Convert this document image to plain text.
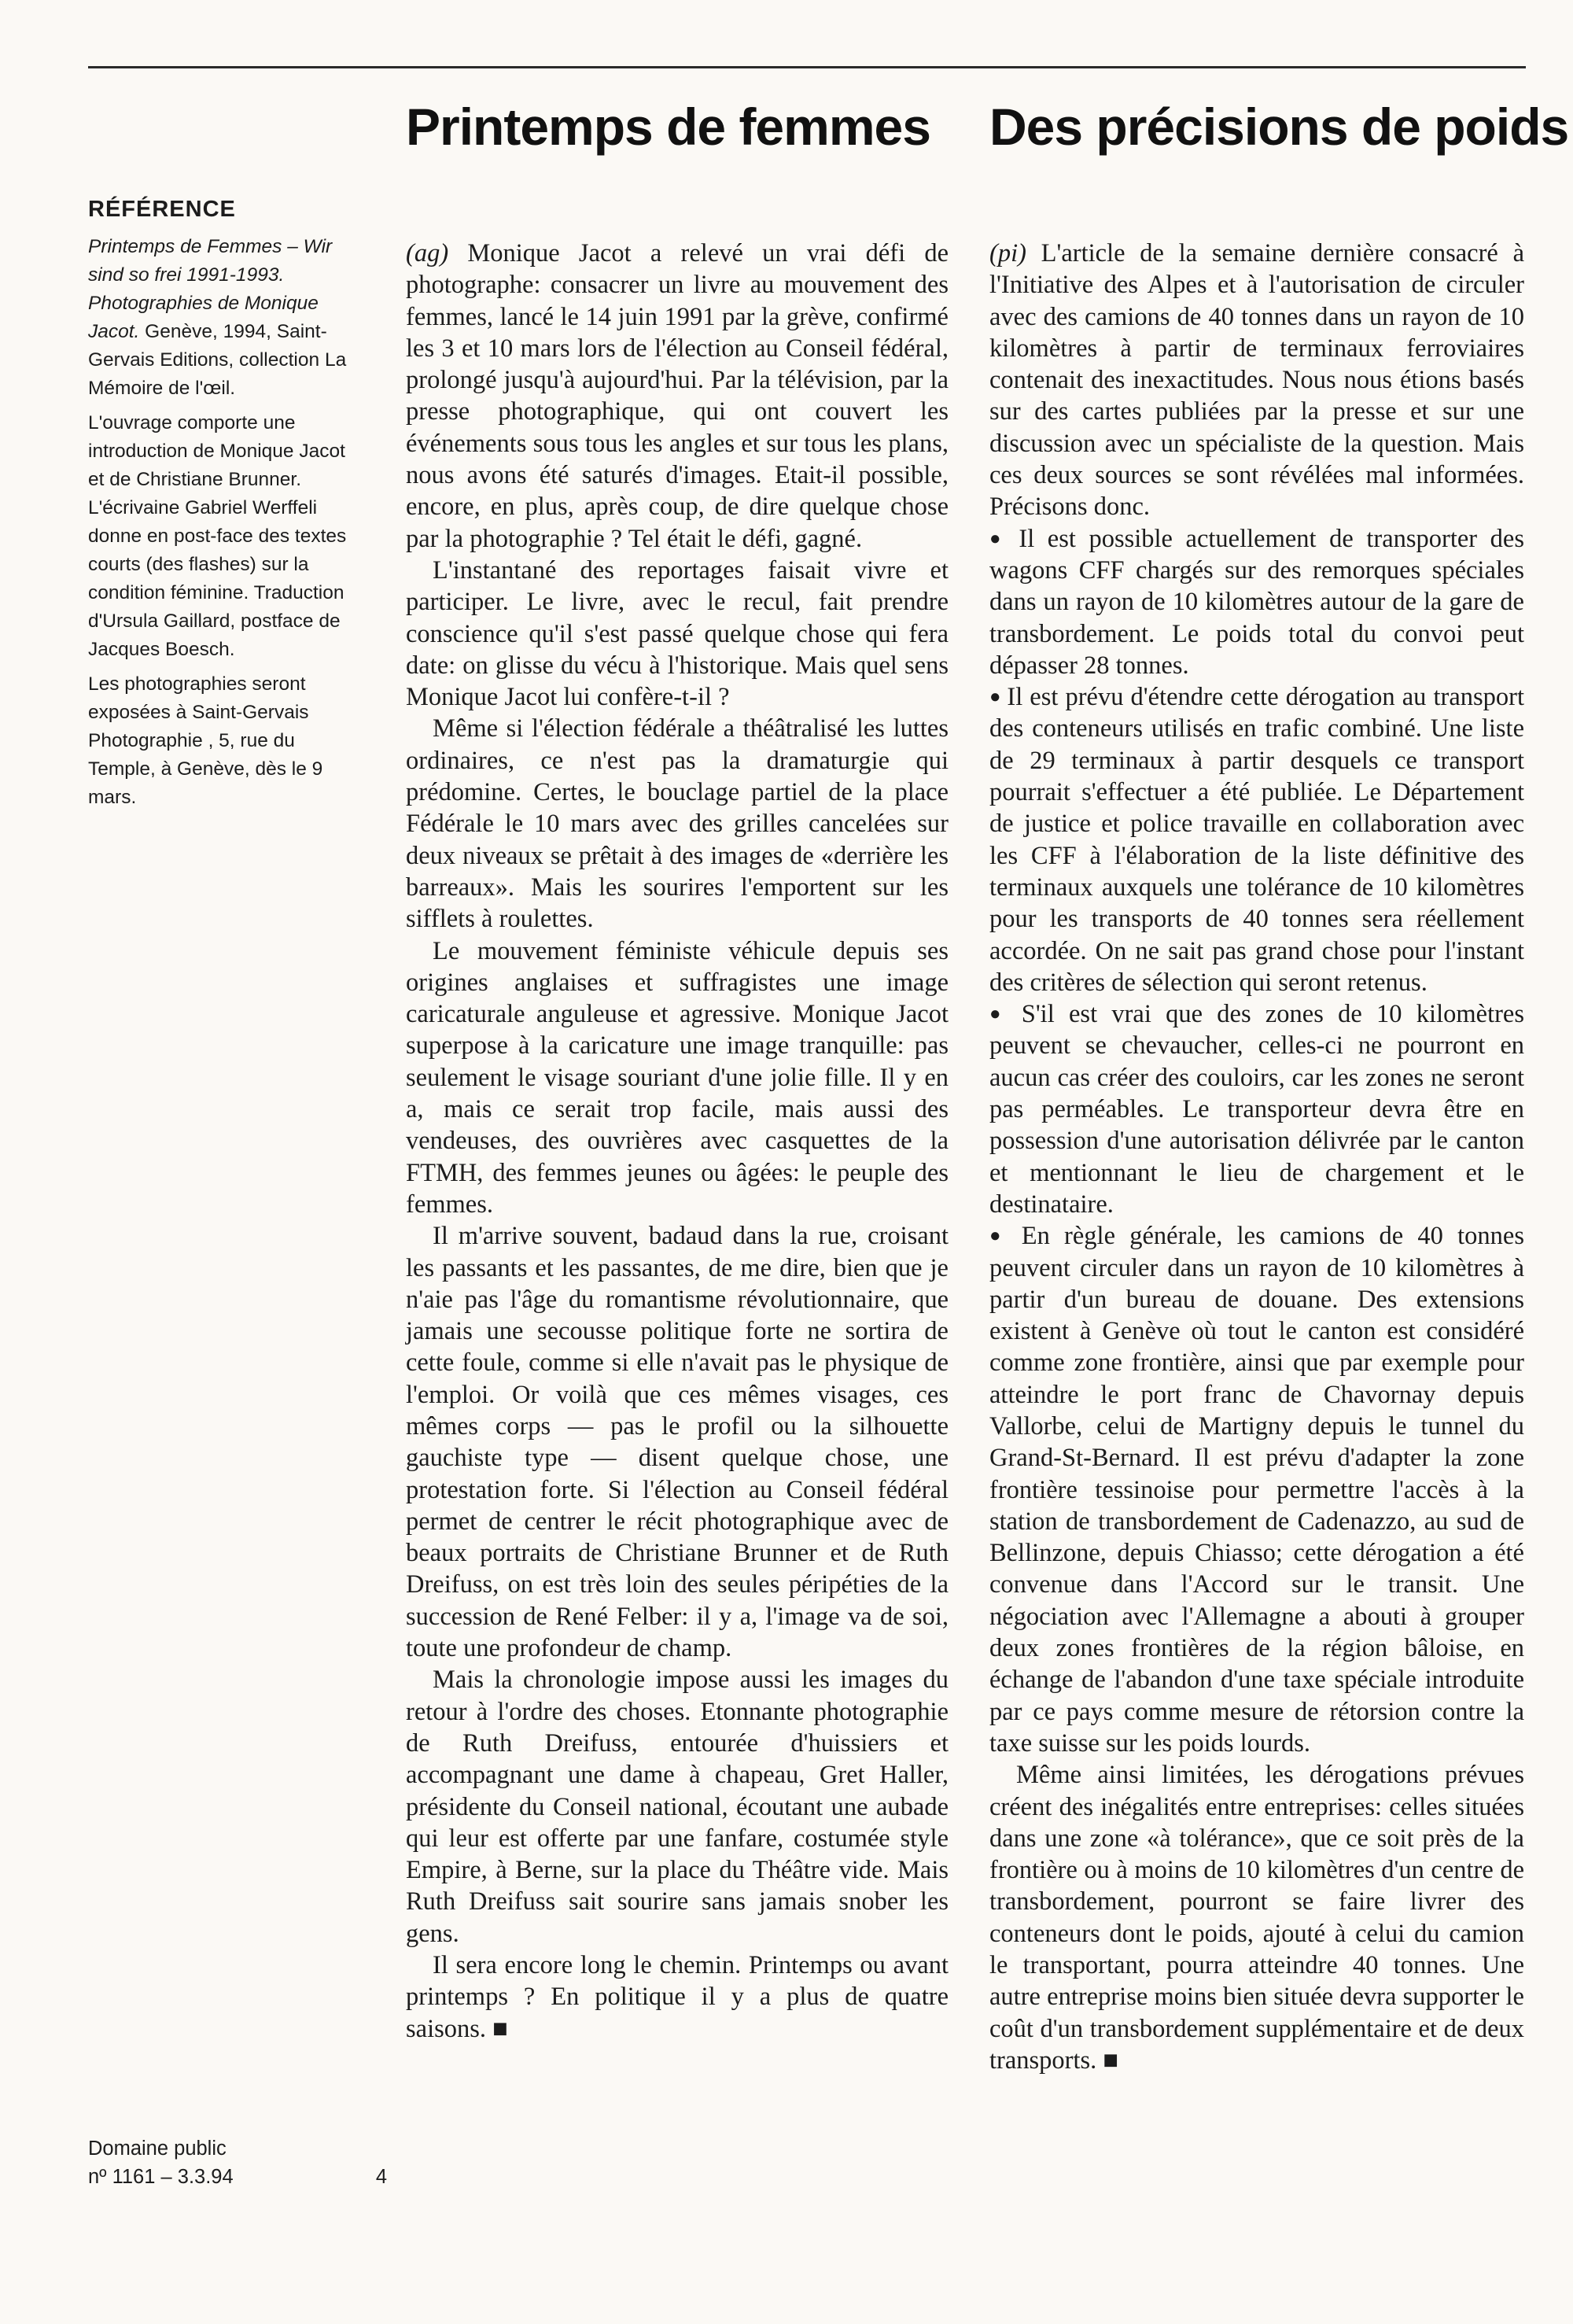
RÉFÉRENCE

Printemps de Femmes – Wir sind so frei 1991-1993. Photographies de Monique Jacot. Genève, 1994, Saint-Gervais Editions, collection La Mémoire de l'œil.

L'ouvrage comporte une introduction de Monique Jacot et de Christiane Brunner. L'écrivaine Gabriel Werffeli donne en post-face des textes courts (des flashes) sur la condition féminine. Traduction d'Ursula Gaillard, postface de Jacques Boesch.

Les photographies seront exposées à Saint-Gervais Photographie , 5, rue du Temple, à Genève, dès le 9 mars.

Domaine public
nº 1161 – 3.3.94	4
Printemps de femmes

(ag) Monique Jacot a relevé un vrai défi de photographe: consacrer un livre au mouvement des femmes, lancé le 14 juin 1991 par la grève, confirmé les 3 et 10 mars lors de l'élection au Conseil fédéral, prolongé jusqu'à aujourd'hui. Par la télévision, par la presse photographique, qui ont couvert les événements sous tous les angles et sur tous les plans, nous avons été saturés d'images. Etait-il possible, encore, en plus, après coup, de dire quelque chose par la photographie ? Tel était le défi, gagné.

L'instantané des reportages faisait vivre et participer. Le livre, avec le recul, fait prendre conscience qu'il s'est passé quelque chose qui fera date: on glisse du vécu à l'historique. Mais quel sens Monique Jacot lui confère-t-il ?

Même si l'élection fédérale a théâtralisé les luttes ordinaires, ce n'est pas la dramaturgie qui prédomine. Certes, le bouclage partiel de la place Fédérale le 10 mars avec des grilles cancelées sur deux niveaux se prêtait à des images de «derrière les barreaux». Mais les sourires l'emportent sur les sifflets à roulettes.

Le mouvement féministe véhicule depuis ses origines anglaises et suffragistes une image caricaturale anguleuse et agressive. Monique Jacot superpose à la caricature une image tranquille: pas seulement le visage souriant d'une jolie fille. Il y en a, mais ce serait trop facile, mais aussi des vendeuses, des ouvrières avec casquettes de la FTMH, des femmes jeunes ou âgées: le peuple des femmes.

Il m'arrive souvent, badaud dans la rue, croisant les passants et les passantes, de me dire, bien que je n'aie pas l'âge du romantisme révolutionnaire, que jamais une secousse politique forte ne sortira de cette foule, comme si elle n'avait pas le physique de l'emploi. Or voilà que ces mêmes visages, ces mêmes corps — pas le profil ou la silhouette gauchiste type — disent quelque chose, une protestation forte. Si l'élection au Conseil fédéral permet de centrer le récit photographique avec de beaux portraits de Christiane Brunner et de Ruth Dreifuss, on est très loin des seules péripéties de la succession de René Felber: il y a, l'image va de soi, toute une profondeur de champ.

Mais la chronologie impose aussi les images du retour à l'ordre des choses. Etonnante photographie de Ruth Dreifuss, entourée d'huissiers et accompagnant une dame à chapeau, Gret Haller, présidente du Conseil national, écoutant une aubade qui leur est offerte par une fanfare, costumée style Empire, à Berne, sur la place du Théâtre vide. Mais Ruth Dreifuss sait sourire sans jamais snober les gens.

Il sera encore long le chemin. Printemps ou avant printemps ? En politique il y a plus de quatre saisons. ■

Des précisions de poids

(pi) L'article de la semaine dernière consacré à l'Initiative des Alpes et à l'autorisation de circuler avec des camions de 40 tonnes dans un rayon de 10 kilomètres à partir de terminaux ferroviaires contenait des inexactitudes. Nous nous étions basés sur des cartes publiées par la presse et sur une discussion avec un spécialiste de la question. Mais ces deux sources se sont révélées mal informées. Précisons donc.

● Il est possible actuellement de transporter des wagons CFF chargés sur des remorques spéciales dans un rayon de 10 kilomètres autour de la gare de transbordement. Le poids total du convoi peut dépasser 28 tonnes.

● Il est prévu d'étendre cette dérogation au transport des conteneurs utilisés en trafic combiné. Une liste de 29 terminaux à partir desquels ce transport pourrait s'effectuer a été publiée. Le Département de justice et police travaille en collaboration avec les CFF à l'élaboration de la liste définitive des terminaux auxquels une tolérance de 10 kilomètres pour les transports de 40 tonnes sera réellement accordée. On ne sait pas grand chose pour l'instant des critères de sélection qui seront retenus.

● S'il est vrai que des zones de 10 kilomètres peuvent se chevaucher, celles-ci ne pourront en aucun cas créer des couloirs, car les zones ne seront pas perméables. Le transporteur devra être en possession d'une autorisation délivrée par le canton et mentionnant le lieu de chargement et le destinataire.

● En règle générale, les camions de 40 tonnes peuvent circuler dans un rayon de 10 kilomètres à partir d'un bureau de douane. Des extensions existent à Genève où tout le canton est considéré comme zone frontière, ainsi que par exemple pour atteindre le port franc de Chavornay depuis Vallorbe, celui de Martigny depuis le tunnel du Grand-St-Bernard. Il est prévu d'adapter la zone frontière tessinoise pour permettre l'accès à la station de transbordement de Cadenazzo, au sud de Bellinzone, depuis Chiasso; cette dérogation a été convenue dans l'Accord sur le transit. Une négociation avec l'Allemagne a abouti à grouper deux zones frontières de la région bâloise, en échange de l'abandon d'une taxe spéciale introduite par ce pays comme mesure de rétorsion contre la taxe suisse sur les poids lourds.

Même ainsi limitées, les dérogations prévues créent des inégalités entre entreprises: celles situées dans une zone «à tolérance», que ce soit près de la frontière ou à moins de 10 kilomètres d'un centre de transbordement, pourront se faire livrer des conteneurs dont le poids, ajouté à celui du camion le transportant, pourra atteindre 40 tonnes. Une autre entreprise moins bien située devra supporter le coût d'un transbordement supplémentaire et de deux transports. ■
